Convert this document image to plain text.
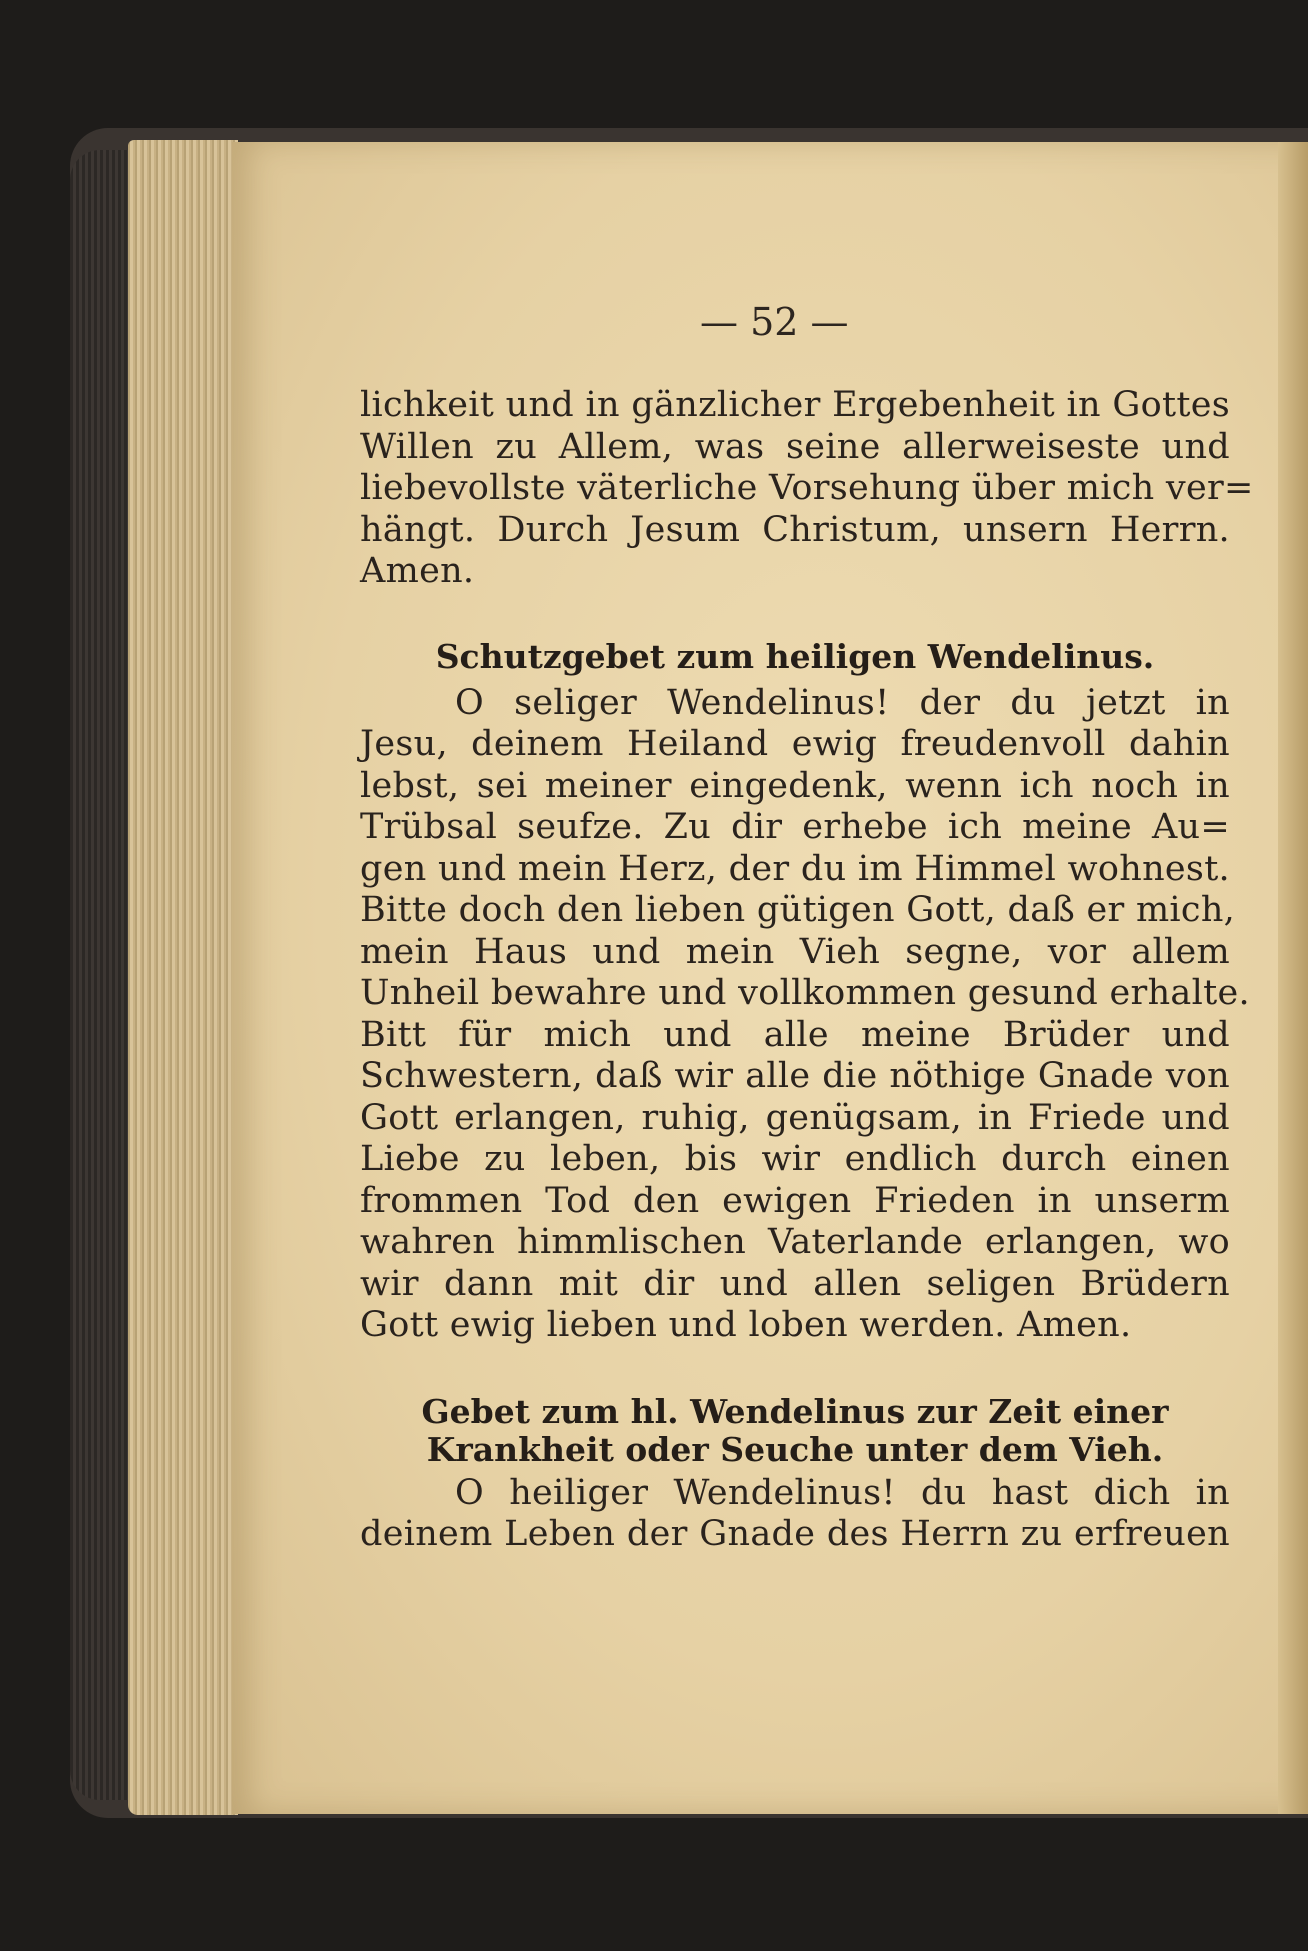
— 52 —
lichkeit und in gänzlicher Ergebenheit in Gottes
Willen zu Allem, was seine allerweiseste und
liebevollste väterliche Vorsehung über mich ver=
hängt. Durch Jesum Christum, unsern Herrn.
Amen.
Schutzgebet zum heiligen Wendelinus.
O seliger Wendelinus! der du jetzt in
Jesu, deinem Heiland ewig freudenvoll dahin
lebst, sei meiner eingedenk, wenn ich noch in
Trübsal seufze. Zu dir erhebe ich meine Au=
gen und mein Herz, der du im Himmel wohnest.
Bitte doch den lieben gütigen Gott, daß er mich,
mein Haus und mein Vieh segne, vor allem
Unheil bewahre und vollkommen gesund erhalte.
Bitt für mich und alle meine Brüder und
Schwestern, daß wir alle die nöthige Gnade von
Gott erlangen, ruhig, genügsam, in Friede und
Liebe zu leben, bis wir endlich durch einen
frommen Tod den ewigen Frieden in unserm
wahren himmlischen Vaterlande erlangen, wo
wir dann mit dir und allen seligen Brüdern
Gott ewig lieben und loben werden. Amen.
Gebet zum hl. Wendelinus zur Zeit einer
Krankheit oder Seuche unter dem Vieh.
O heiliger Wendelinus! du hast dich in
deinem Leben der Gnade des Herrn zu erfreuen
